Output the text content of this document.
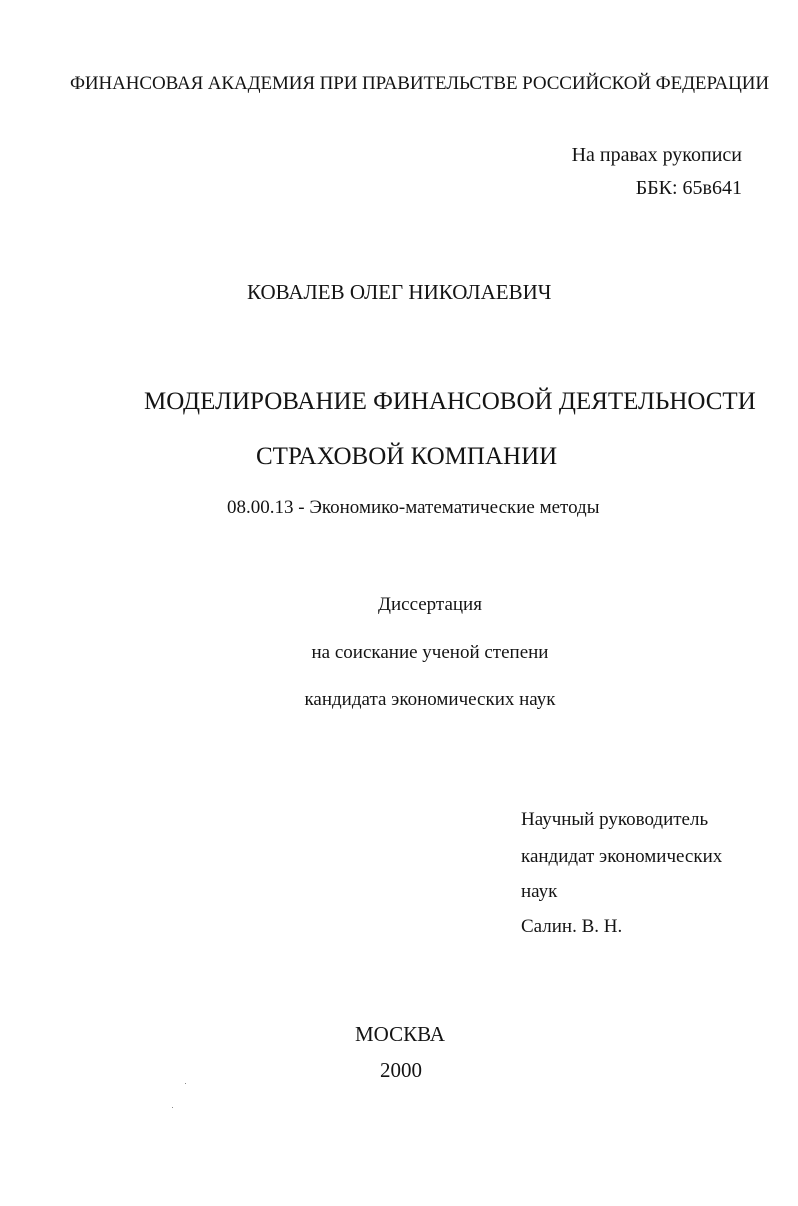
ФИНАНСОВАЯ АКАДЕМИЯ ПРИ ПРАВИТЕЛЬСТВЕ РОССИЙСКОЙ ФЕДЕРАЦИИ
На правах рукописи
ББК: 65в641
КОВАЛЕВ ОЛЕГ НИКОЛАЕВИЧ
МОДЕЛИРОВАНИЕ ФИНАНСОВОЙ ДЕЯТЕЛЬНОСТИ
СТРАХОВОЙ КОМПАНИИ
08.00.13 - Экономико-математические методы
Диссертация
на соискание ученой степени
кандидата экономических наук
Научный руководитель
кандидат экономических
наук
Салин. В. Н.
МОСКВА
2000
